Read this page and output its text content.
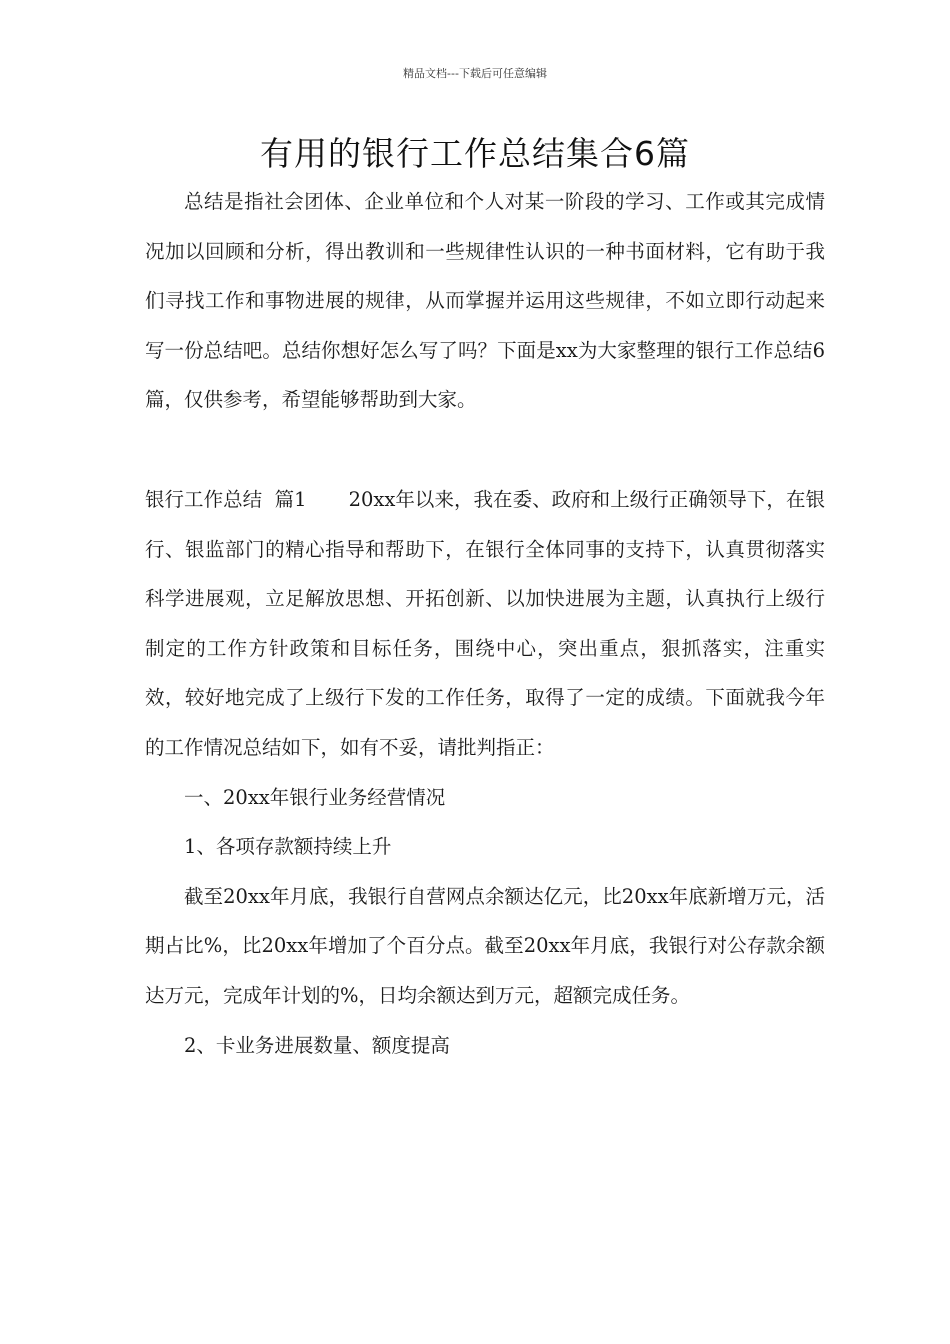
精品文档---下载后可任意编辑
有用的银行工作总结集合6篇

总结是指社会团体、企业单位和个人对某一阶段的学习、工作或其完成情况加以回顾和分析，得出教训和一些规律性认识的一种书面材料，它有助于我们寻找工作和事物进展的规律，从而掌握并运用这些规律，不如立即行动起来写一份总结吧。总结你想好怎么写了吗？下面是xx为大家整理的银行工作总结6篇，仅供参考，希望能够帮助到大家。

银行工作总结  篇1 20xx年以来，我在委、政府和上级行正确领导下，在银行、银监部门的精心指导和帮助下，在银行全体同事的支持下，认真贯彻落实科学进展观，立足解放思想、开拓创新、以加快进展为主题，认真执行上级行制定的工作方针政策和目标任务，围绕中心，突出重点，狠抓落实，注重实效，较好地完成了上级行下发的工作任务，取得了一定的成绩。下面就我今年的工作情况总结如下，如有不妥，请批判指正：

一、20xx年银行业务经营情况

1、各项存款额持续上升

截至20xx年月底，我银行自营网点余额达亿元，比20xx年底新增万元，活期占比%，比20xx年增加了个百分点。截至20xx年月底，我银行对公存款余额达万元，完成年计划的%，日均余额达到万元，超额完成任务。

2、卡业务进展数量、额度提高
